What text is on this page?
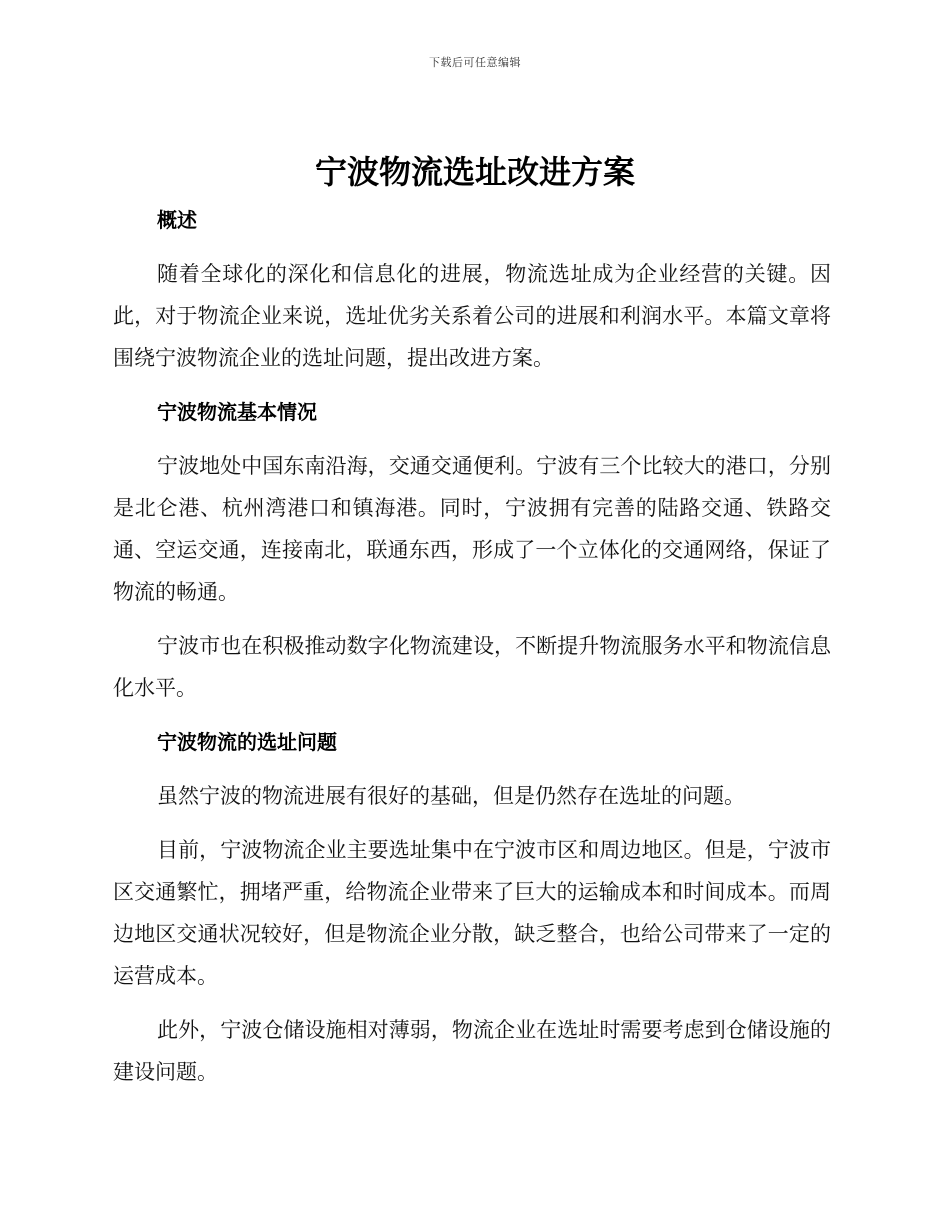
下载后可任意编辑
宁波物流选址改进方案
概述

随着全球化的深化和信息化的进展，物流选址成为企业经营的关键。因此，对于物流企业来说，选址优劣关系着公司的进展和利润水平。本篇文章将围绕宁波物流企业的选址问题，提出改进方案。

宁波物流基本情况

宁波地处中国东南沿海，交通交通便利。宁波有三个比较大的港口，分别是北仑港、杭州湾港口和镇海港。同时，宁波拥有完善的陆路交通、铁路交通、空运交通，连接南北，联通东西，形成了一个立体化的交通网络，保证了物流的畅通。

宁波市也在积极推动数字化物流建设，不断提升物流服务水平和物流信息化水平。

宁波物流的选址问题

虽然宁波的物流进展有很好的基础，但是仍然存在选址的问题。

目前，宁波物流企业主要选址集中在宁波市区和周边地区。但是，宁波市区交通繁忙，拥堵严重，给物流企业带来了巨大的运输成本和时间成本。而周边地区交通状况较好，但是物流企业分散，缺乏整合，也给公司带来了一定的运营成本。

此外，宁波仓储设施相对薄弱，物流企业在选址时需要考虑到仓储设施的建设问题。
